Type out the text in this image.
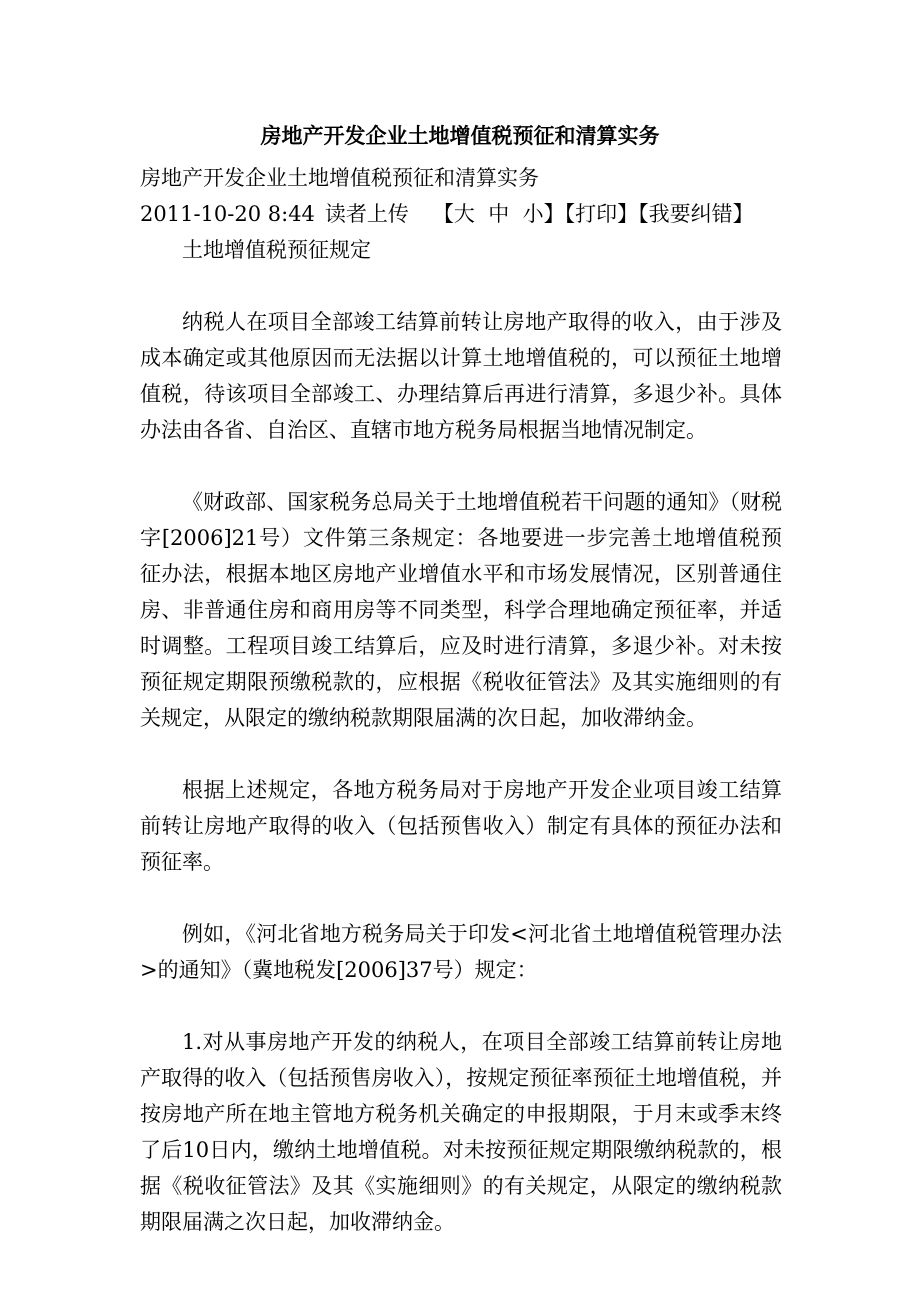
房地产开发企业土地增值税预征和清算实务
房地产开发企业土地增值税预征和清算实务
2011-10-20 8:44 读者上传 【大 中 小】【打印】【我要纠错】
土地增值税预征规定

纳税人在项目全部竣工结算前转让房地产取得的收入，由于涉及成本确定或其他原因而无法据以计算土地增值税的，可以预征土地增值税，待该项目全部竣工、办理结算后再进行清算，多退少补。具体办法由各省、自治区、直辖市地方税务局根据当地情况制定。

《财政部、国家税务总局关于土地增值税若干问题的通知》（财税字[2006]21号）文件第三条规定：各地要进一步完善土地增值税预征办法，根据本地区房地产业增值水平和市场发展情况，区别普通住房、非普通住房和商用房等不同类型，科学合理地确定预征率，并适时调整。工程项目竣工结算后，应及时进行清算，多退少补。对未按预征规定期限预缴税款的，应根据《税收征管法》及其实施细则的有关规定，从限定的缴纳税款期限届满的次日起，加收滞纳金。

根据上述规定，各地方税务局对于房地产开发企业项目竣工结算前转让房地产取得的收入（包括预售收入）制定有具体的预征办法和预征率。

例如，《河北省地方税务局关于印发<河北省土地增值税管理办法>的通知》（冀地税发[2006]37号）规定：

1.对从事房地产开发的纳税人，在项目全部竣工结算前转让房地产取得的收入（包括预售房收入），按规定预征率预征土地增值税，并按房地产所在地主管地方税务机关确定的申报期限，于月末或季末终了后10日内，缴纳土地增值税。对未按预征规定期限缴纳税款的，根据《税收征管法》及其《实施细则》的有关规定，从限定的缴纳税款期限届满之次日起，加收滞纳金。
